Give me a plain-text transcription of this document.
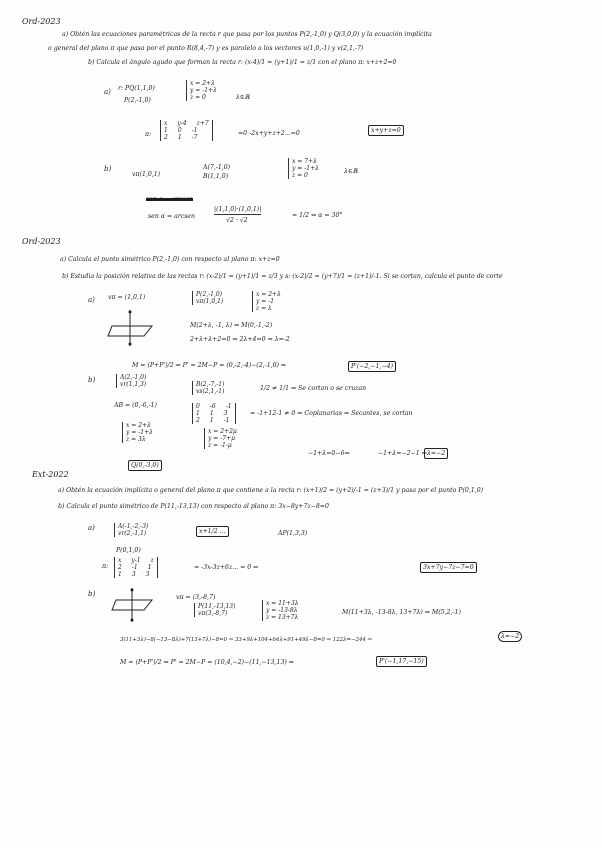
Ord-2023
a) Obtén las ecuaciones paramétricas de la recta r que pasa por los puntos P(2,-1,0) y Q(3,0,0) y la ecuación implícita
o general del plano π que pasa por el punto R(8,4,-7) y es paralelo a los vectores u(1,0,-1) y v(2,1,-7)
b) Calcula el ángulo agudo que forman la recta r: (x-4)/1 = (y+1)/1 = z/1 con el plano π: x+z+2=0
a) r: PQ(1,1,0)
P(2,-1,0)
x = 2+λ
y = -1+λ
z = 0	λ∈ℝ
π:
x y-4 z+7
1 0 -1
2 1 -7
=0 -2x+y+z+2...=0	x+y+z=0
b)
vπ(1,0,1)
A(7,-1,0)
B(1,1,0)
x = 7+λ
y = -1+λ
z = 0
λ∈ℝ
sen α = arcsen
sen α = arcsen
|(1,1,0)·(1,0,1)|
√2 · √2
= 1/2 ⇒ α = 30°
Ord-2023
a) Calcula el punto simétrico P(2,-1,0) con respecto al plano π: x+z=0
b) Estudia la posición relativa de las rectas r: (x-2)/1 = (y+1)/1 = z/3 y s: (x-2)/2 = (y+7)/1 = (z+1)/-1. Si se cortan, calcula el punto de corte
a) vπ = (1,0,1)	P(2,-1,0)
vπ(1,0,1)
x = 2+λ
y = -1
z = λ
M(2+λ, -1, λ) ⇒ M(0,-1,-2)
2+λ+λ+2=0 ⇒ 2λ+4=0 ⇒ λ=-2
M = (P+P')/2 ⇒ P' = 2M−P = (0,-2,-4)−(2,-1,0) ⇒	P'(−2,−1,−4)
b)	A(2,-1,0)
vr(1,1,3)	B(2,-7,-1)
vs(2,1,-1)	1/2 ≠ 1/1 ⇒ Se cortan o se cruzan
AB = (0,-6,-1)	0 -6 -1
1 1 3
2 1 -1
= -1+12-1 ≠ 0 ⇒ Coplanarias ⇒ Secantes, se cortan
x = 2+λ
y = -1+λ
z = 3λ
x = 2+2μ
y = -7+μ
z = -1-μ
Q(0,-3,0)
−1+λ=0−6⇒	−1+λ=−2−1 ⇒ λ=−2
Ext-2022
a) Obtén la ecuación implícita o general del plano π que contiene a la recta r: (x+1)/2 = (y+2)/-1 = (z+3)/1 y pasa por el punto P(0,1,0)
b) Calcula el punto simétrico de P(11,-13,13) con respecto al plano π: 3x−8y+7z−8=0
a)	A(-1,-2,-3)
vr(2,-1,1)	x+1/2 ...	AP(1,3,3)
P(0,1,0)
π:
x y-1 z
2 -1 1
1 3 3
= -3x-3z+6z... = 0 ⇒	3x+7y−7z−7=0
b)	vπ = (3,-8,7)
P(11,-13,13)
vπ(3,-8,7)
x = 11+3λ
y = -13-8λ
z = 13+7λ
M(11+3λ, -13-8λ, 13+7λ) ⇒ M(5,2,-1)
3(11+3λ)−8(−13−8λ)+7(13+7λ)−8=0 ⇒ 33+9λ+104+64λ+91+49λ−8=0 ⇒ 122λ=−244 ⇒	λ=−2
M = (P+P')/2 ⇒ P' = 2M−P = (10,4,−2)−(11,−13,13) ⇒	P'(−1,17,−15)
